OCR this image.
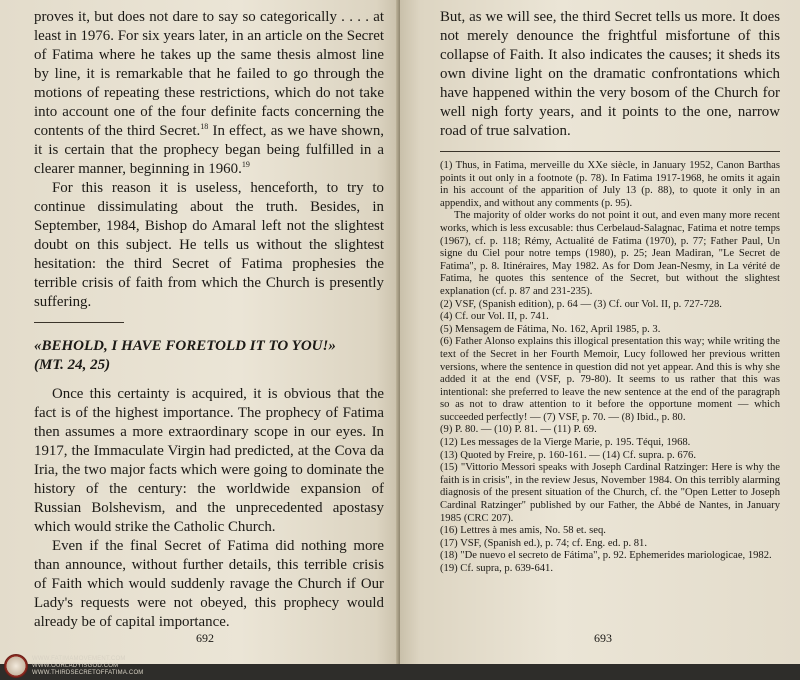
proves it, but does not dare to say so categorically . . . . at least in 1976. For six years later, in an article on the Secret of Fatima where he takes up the same thesis almost line by line, it is remarkable that he failed to go through the motions of repeating these restrictions, which do not take into account one of the four definite facts concerning the contents of the third Secret.$^{18}$ In effect, as we have shown, it is certain that the prophecy began being fulfilled in a clearer manner, beginning in 1960.19

For this reason it is useless, henceforth, to try to continue dissimulating about the truth. Besides, in September, 1984, Bishop do Amaral left not the slightest doubt on this subject. He tells us without the slightest hesitation: the third Secret of Fatima prophesies the terrible crisis of faith from which the Church is presently suffering.

«BEHOLD, I HAVE FORETOLD IT TO YOU!»
(MT. 24, 25)

Once this certainty is acquired, it is obvious that the fact is of the highest importance. The prophecy of Fatima then assumes a more extraordinary scope in our eyes. In 1917, the Immaculate Virgin had predicted, at the Cova da Iria, the two major facts which were going to dominate the history of the century: the worldwide expansion of Russian Bolshevism, and the unprecedented apostasy which would strike the Catholic Church.

Even if the final Secret of Fatima did nothing more than announce, without further details, this terrible crisis of Faith which would suddenly ravage the Church if Our Lady's requests were not obeyed, this prophecy would already be of capital importance.

692

But, as we will see, the third Secret tells us more. It does not merely denounce the frightful misfortune of this collapse of Faith. It also indicates the causes; it sheds its own divine light on the dramatic confrontations which have happened within the very bosom of the Church for well nigh forty years, and it points to the one, narrow road of true salvation.

(1) Thus, in Fatima, merveille du XXe siècle, in January 1952, Canon Barthas points it out only in a footnote (p. 78). In Fatima 1917-1968, he omits it again in his account of the apparition of July 13 (p. 88), to quote it only in an appendix, and without any comments (p. 95).

The majority of older works do not point it out, and even many more recent works, which is less excusable: thus Cerbelaud-Salagnac, Fatima et notre temps (1967), cf. p. 118; Rémy, Actualité de Fatima (1970), p. 77; Father Paul, Un signe du Ciel pour notre temps (1980), p. 25; Jean Madiran, "Le Secret de Fatima", p. 8. Itinéraires, May 1982. As for Dom Jean-Nesmy, in La vérité de Fatima, he quotes this sentence of the Secret, but without the slightest explanation (cf. p. 87 and 231-235).

(2) VSF, (Spanish edition), p. 64 — (3) Cf. our Vol. II, p. 727-728.

(4) Cf. our Vol. II, p. 741.

(5) Mensagem de Fátima, No. 162, April 1985, p. 3.

(6) Father Alonso explains this illogical presentation this way; while writing the text of the Secret in her Fourth Memoir, Lucy followed her previous written versions, where the sentence in question did not yet appear. And this is why she added it at the end (VSF, p. 79-80). It seems to us rather that this was intentional: she preferred to leave the new sentence at the end of the paragraph so as not to draw attention to it before the opportune moment — which succeeded perfectly! — (7) VSF, p. 70. — (8) Ibid., p. 80.

(9) P. 80. — (10) P. 81. — (11) P. 69.

(12) Les messages de la Vierge Marie, p. 195. Téqui, 1968.

(13) Quoted by Freire, p. 160-161. — (14) Cf. supra. p. 676.

(15) "Vittorio Messori speaks with Joseph Cardinal Ratzinger: Here is why the faith is in crisis", in the review Jesus, November 1984. On this terribly alarming diagnosis of the present situation of the Church, cf. the "Open Letter to Joseph Cardinal Ratzinger" published by our Father, the Abbé de Nantes, in January 1985 (CRC 207).

(16) Lettres à mes amis, No. 58 et. seq.

(17) VSF, (Spanish ed.), p. 74; cf. Eng. ed. p. 81.

(18) "De nuevo el secreto de Fátima", p. 92. Ephemerides mariologicae, 1982.

(19) Cf. supra, p. 639-641.

693
WWW.FATIMAMOVEMENT.COM
WWW.OURLADYISGOD.COM
WWW.THIRDSECRETOFFATIMA.COM
